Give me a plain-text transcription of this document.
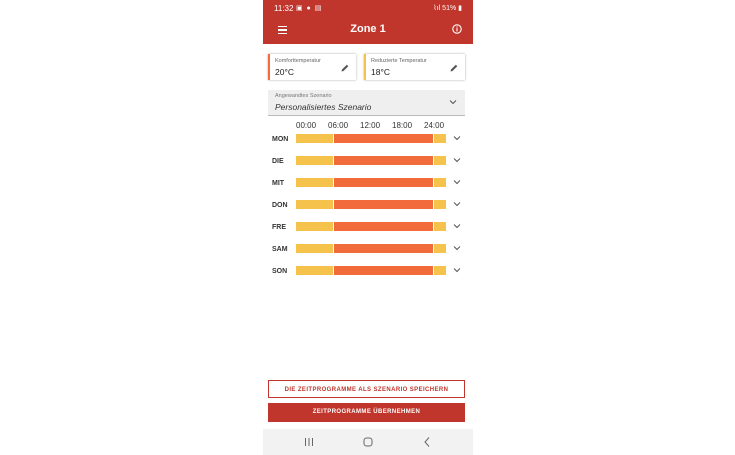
11:32 ▣ ● ▤	⌇ıl 51% ▮
Zone 1
Komforttemperatur
20°C
Reduzierte Temperatur
18°C
Angewandtes Szenario
Personalisiertes Szenario
00:00 06:00 12:00 18:00 24:00
MON
DIE
MIT
DON
FRE
SAM
SON
DIE ZEITPROGRAMME ALS SZENARIO SPEICHERN
ZEITPROGRAMME ÜBERNEHMEN
